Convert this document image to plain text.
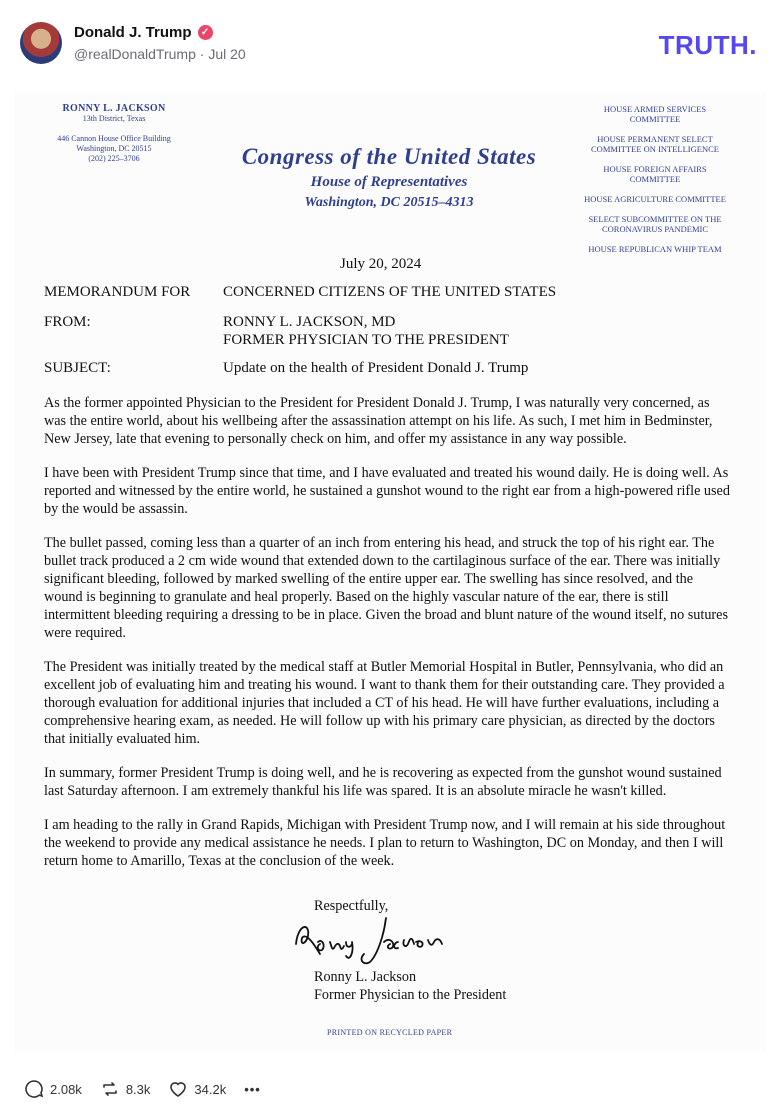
Donald J. Trump ✓
@realDonaldTrump · Jul 20	TRUTH.
RONNY L. JACKSON
13th District, Texas
446 Cannon House Office Building
Washington, DC 20515
(202) 225–3706	Congress of the United States
House of Representatives
Washington, DC 20515–4313
HOUSE ARMED SERVICES COMMITTEE
HOUSE PERMANENT SELECT COMMITTEE ON INTELLIGENCE
HOUSE FOREIGN AFFAIRS COMMITTEE
HOUSE AGRICULTURE COMMITTEE
SELECT SUBCOMMITTEE ON THE CORONAVIRUS PANDEMIC
HOUSE REPUBLICAN WHIP TEAM
July 20, 2024
MEMORANDUM FOR	CONCERNED CITIZENS OF THE UNITED STATES
FROM:	RONNY L. JACKSON, MD
FORMER PHYSICIAN TO THE PRESIDENT
SUBJECT:	Update on the health of President Donald J. Trump

As the former appointed Physician to the President for President Donald J. Trump, I was naturally very concerned, as was the entire world, about his wellbeing after the assassination attempt on his life. As such, I met him in Bedminster, New Jersey, late that evening to personally check on him, and offer my assistance in any way possible.

I have been with President Trump since that time, and I have evaluated and treated his wound daily. He is doing well. As reported and witnessed by the entire world, he sustained a gunshot wound to the right ear from a high-powered rifle used by the would be assassin.

The bullet passed, coming less than a quarter of an inch from entering his head, and struck the top of his right ear. The bullet track produced a 2 cm wide wound that extended down to the cartilaginous surface of the ear. There was initially significant bleeding, followed by marked swelling of the entire upper ear. The swelling has since resolved, and the wound is beginning to granulate and heal properly. Based on the highly vascular nature of the ear, there is still intermittent bleeding requiring a dressing to be in place. Given the broad and blunt nature of the wound itself, no sutures were required.

The President was initially treated by the medical staff at Butler Memorial Hospital in Butler, Pennsylvania, who did an excellent job of evaluating him and treating his wound. I want to thank them for their outstanding care. They provided a thorough evaluation for additional injuries that included a CT of his head. He will have further evaluations, including a comprehensive hearing exam, as needed. He will follow up with his primary care physician, as directed by the doctors that initially evaluated him.

In summary, former President Trump is doing well, and he is recovering as expected from the gunshot wound sustained last Saturday afternoon. I am extremely thankful his life was spared. It is an absolute miracle he wasn't killed.

I am heading to the rally in Grand Rapids, Michigan with President Trump now, and I will remain at his side throughout the weekend to provide any medical assistance he needs. I plan to return to Washington, DC on Monday, and then I will return home to Amarillo, Texas at the conclusion of the week.

Respectfully,
Ronny L. Jackson
Former Physician to the President
PRINTED ON RECYCLED PAPER
2.08k	8.3k	34.2k •••
